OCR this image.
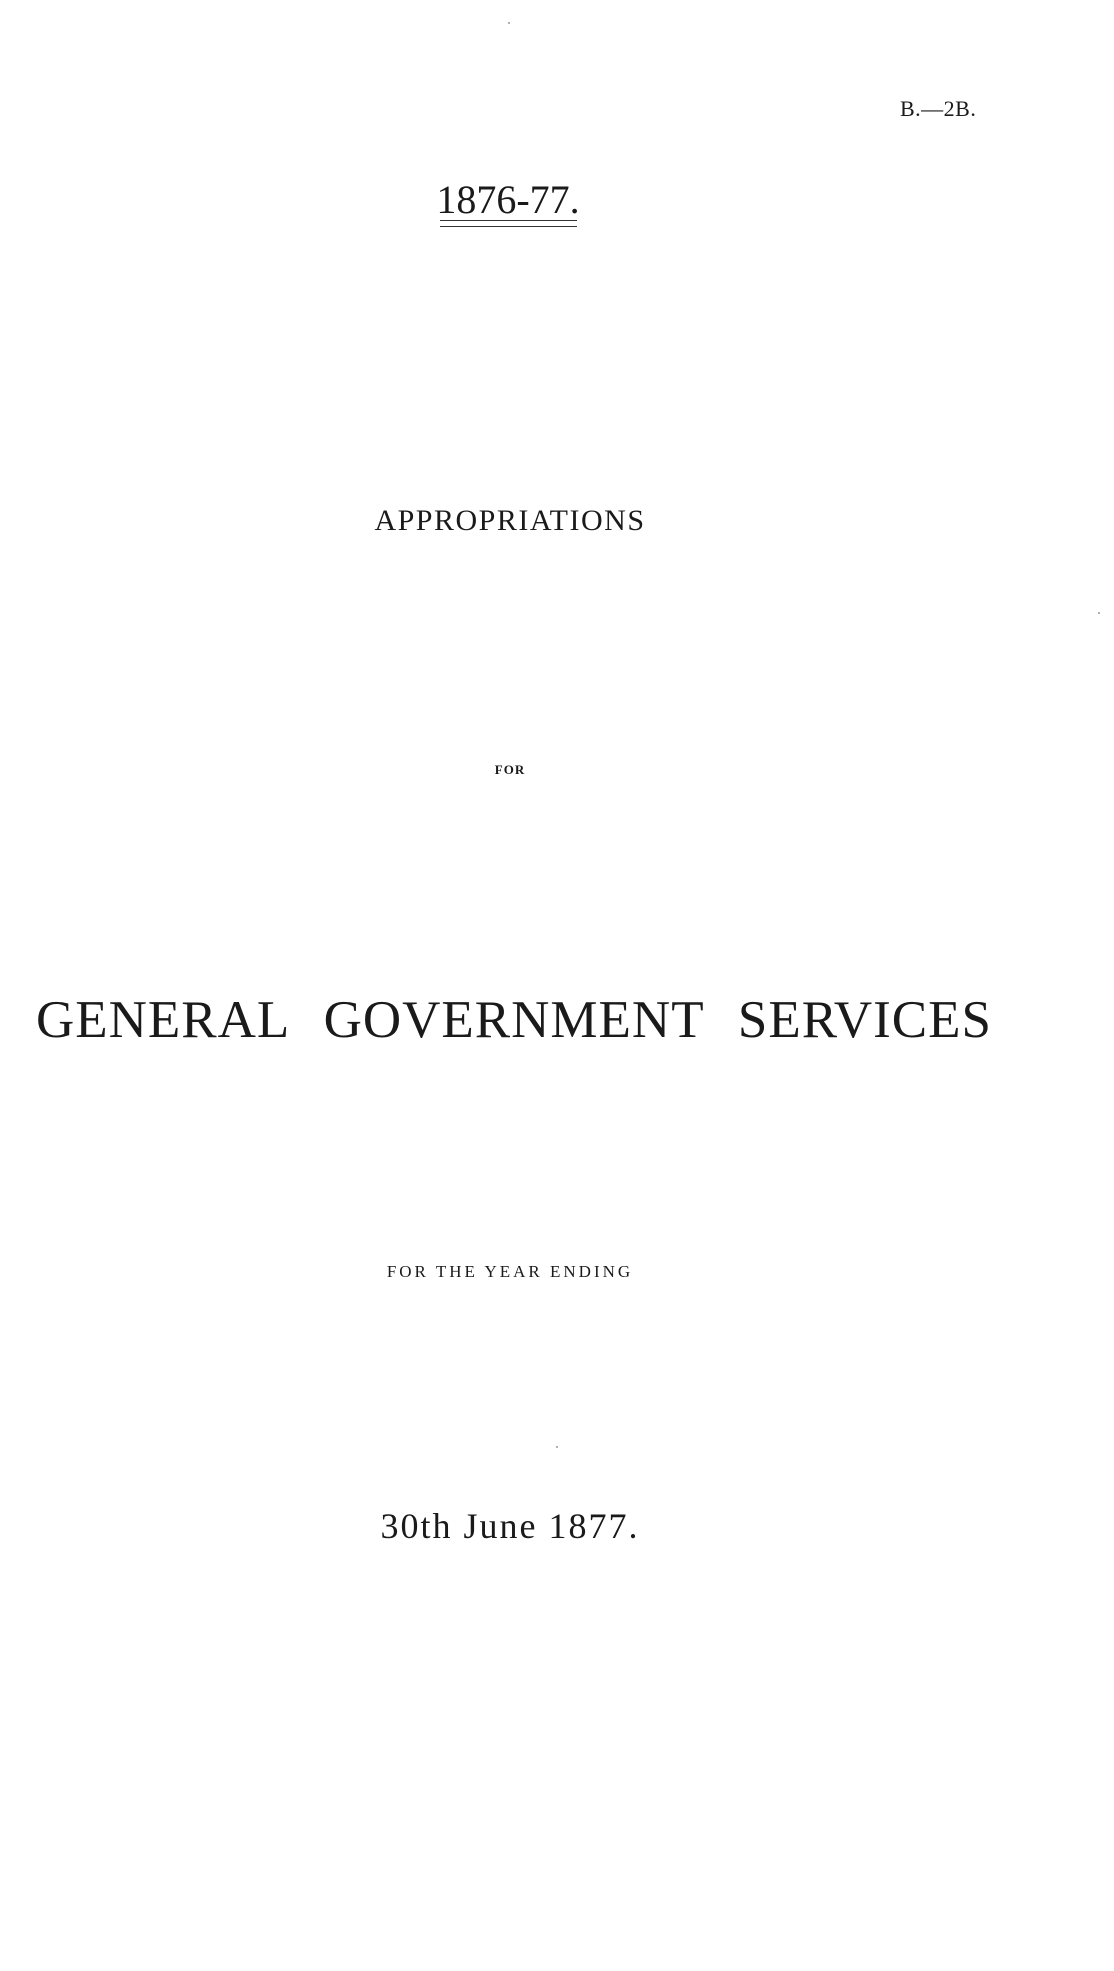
B.—2B.
1876-77.
APPROPRIATIONS
FOR
GENERAL GOVERNMENT SERVICES
FOR THE YEAR ENDING
30th June 1877.
